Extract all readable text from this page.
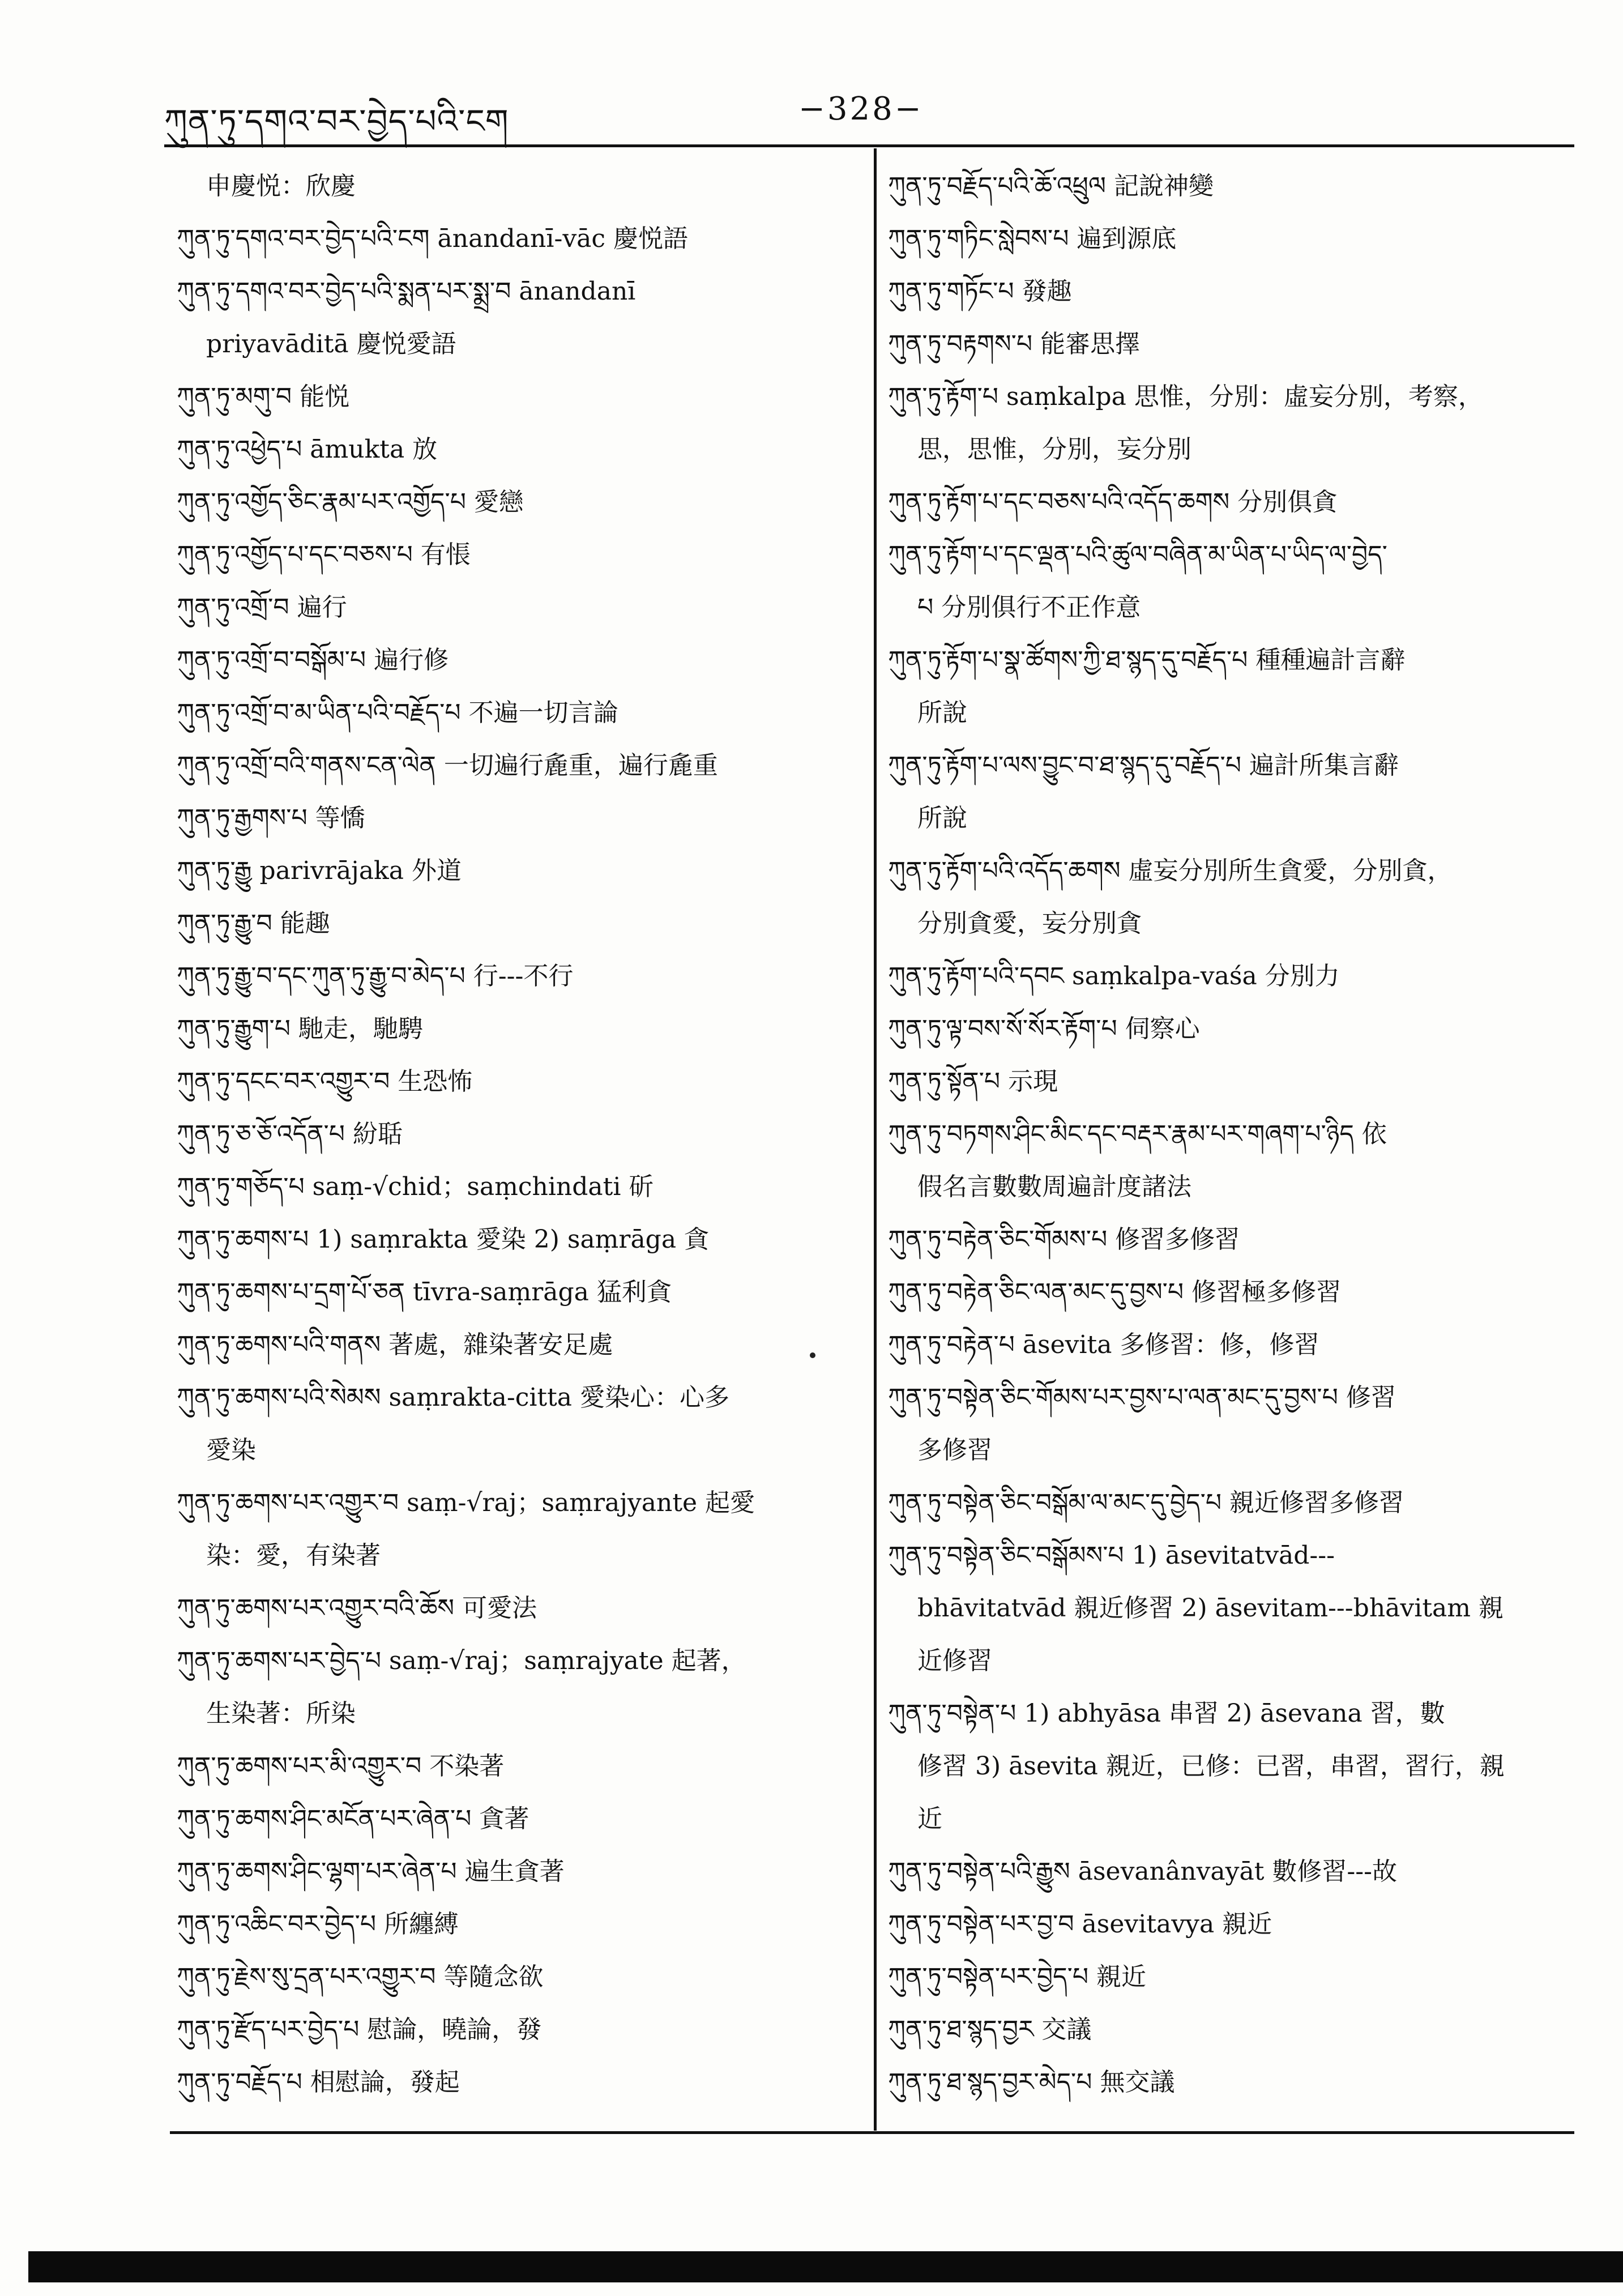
ཀུན་ཏུ་དགའ་བར་བྱེད་པའི་ངག	−328−

申慶悦：欣慶

ཀུན་ཏུ་དགའ་བར་བྱེད་པའི་ངག ānandanī-vāc 慶悦語

ཀུན་ཏུ་དགའ་བར་བྱེད་པའི་སྨན་པར་སྨྲ་བ ānandanī

priyavāditā 慶悦愛語

ཀུན་ཏུ་མགུ་བ 能悦

ཀུན་ཏུ་འཕྱེད་པ āmukta 放

ཀུན་ཏུ་འགྱོད་ཅིང་རྣམ་པར་འགྱོད་པ 愛戀

ཀུན་ཏུ་འགྱོད་པ་དང་བཅས་པ 有悵

ཀུན་ཏུ་འགྲོ་བ 遍行

ཀུན་ཏུ་འགྲོ་བ་བསྒོམ་པ 遍行修

ཀུན་ཏུ་འགྲོ་བ་མ་ཡིན་པའི་བརྗོད་པ 不遍一切言論

ཀུན་ཏུ་འགྲོ་བའི་གནས་ངན་ལེན 一切遍行麁重，遍行麁重

ཀུན་ཏུ་རྒྱགས་པ 等憍

ཀུན་ཏུ་རྒྱུ parivrājaka 外道

ཀུན་ཏུ་རྒྱུ་བ 能趣

ཀུན་ཏུ་རྒྱུ་བ་དང་ཀུན་ཏུ་རྒྱུ་བ་མེད་པ 行---不行

ཀུན་ཏུ་རྒྱུག་པ 馳走，馳騁

ཀུན་ཏུ་དངང་བར་འགྱུར་བ 生恐怖

ཀུན་ཏུ་ཅ་ཅོ་འདོན་པ 紛聒

ཀུན་ཏུ་གཅོད་པ saṃ-√chid；saṃchindati 斫

ཀུན་ཏུ་ཆགས་པ 1) saṃrakta 愛染 2) saṃrāga 貪

ཀུན་ཏུ་ཆགས་པ་དྲག་པོ་ཅན tīvra-saṃrāga 猛利貪

ཀུན་ཏུ་ཆགས་པའི་གནས 著處，雜染著安足處

ཀུན་ཏུ་ཆགས་པའི་སེམས saṃrakta-citta 愛染心：心多

愛染

ཀུན་ཏུ་ཆགས་པར་འགྱུར་བ saṃ-√raj；saṃrajyante 起愛

染：愛，有染著

ཀུན་ཏུ་ཆགས་པར་འགྱུར་བའི་ཆོས 可愛法

ཀུན་ཏུ་ཆགས་པར་བྱེད་པ saṃ-√raj；saṃrajyate 起著，

生染著：所染

ཀུན་ཏུ་ཆགས་པར་མི་འགྱུར་བ 不染著

ཀུན་ཏུ་ཆགས་ཤིང་མངོན་པར་ཞེན་པ 貪著

ཀུན་ཏུ་ཆགས་ཤིང་ལྷག་པར་ཞེན་པ 遍生貪著

ཀུན་ཏུ་འཆིང་བར་བྱེད་པ 所纏縛

ཀུན་ཏུ་རྗེས་སུ་དྲན་པར་འགྱུར་བ 等隨念欲

ཀུན་ཏུ་རྫོད་པར་བྱེད་པ 慰論，曉論，發

ཀུན་ཏུ་བརྗོད་པ 相慰論，發起

ཀུན་ཏུ་བརྗོད་པའི་ཆོ་འཕྲུལ 記說神變

ཀུན་ཏུ་གཏིང་སླེབས་པ 遍到源底

ཀུན་ཏུ་གཏོང་པ 發趣

ཀུན་ཏུ་བརྟགས་པ 能審思擇

ཀུན་ཏུ་རྟོག་པ saṃkalpa 思惟，分別：虛妄分別，考察，

思，思惟，分別，妄分別

ཀུན་ཏུ་རྟོག་པ་དང་བཅས་པའི་འདོད་ཆགས 分別俱貪

ཀུན་ཏུ་རྟོག་པ་དང་ལྡན་པའི་ཚུལ་བཞིན་མ་ཡིན་པ་ཡིད་ལ་བྱེད་

པ 分別俱行不正作意

ཀུན་ཏུ་རྟོག་པ་སྣ་ཚོགས་ཀྱི་ཐ་སྙད་དུ་བརྗོད་པ 種種遍計言辭

所說

ཀུན་ཏུ་རྟོག་པ་ལས་བྱུང་བ་ཐ་སྙད་དུ་བརྗོད་པ 遍計所集言辭

所說

ཀུན་ཏུ་རྟོག་པའི་འདོད་ཆགས 虛妄分別所生貪愛，分別貪，

分別貪愛，妄分別貪

ཀུན་ཏུ་རྟོག་པའི་དབང saṃkalpa-vaśa 分別力

ཀུན་ཏུ་ལྟ་བས་སོ་སོར་རྟོག་པ 伺察心

ཀུན་ཏུ་སྟོན་པ 示現

ཀུན་ཏུ་བཏགས་ཤིང་མིང་དང་བརྡར་རྣམ་པར་གཞག་པ་ཉིད 依

假名言數數周遍計度諸法

ཀུན་ཏུ་བརྟེན་ཅིང་གོམས་པ 修習多修習

ཀུན་ཏུ་བརྟེན་ཅིང་ལན་མང་དུ་བྱས་པ 修習極多修習

ཀུན་ཏུ་བརྟེན་པ āsevita 多修習：修，修習

ཀུན་ཏུ་བསྟེན་ཅིང་གོམས་པར་བྱས་པ་ལན་མང་དུ་བྱས་པ 修習

多修習

ཀུན་ཏུ་བསྟེན་ཅིང་བསྒོམ་ལ་མང་དུ་བྱེད་པ 親近修習多修習

ཀུན་ཏུ་བསྟེན་ཅིང་བསྒོམས་པ 1) āsevitatvād---

bhāvitatvād 親近修習 2) āsevitam---bhāvitam 親

近修習

ཀུན་ཏུ་བསྟེན་པ 1) abhyāsa 串習 2) āsevana 習，數

修習 3) āsevita 親近，已修：已習，串習，習行，親

近

ཀུན་ཏུ་བསྟེན་པའི་རྒྱུས āsevanânvayāt 數修習---故

ཀུན་ཏུ་བསྟེན་པར་བྱ་བ āsevitavya 親近

ཀུན་ཏུ་བསྟེན་པར་བྱེད་པ 親近

ཀུན་ཏུ་ཐ་སྙད་བྱར 交議

ཀུན་ཏུ་ཐ་སྙད་བྱར་མེད་པ 無交議
